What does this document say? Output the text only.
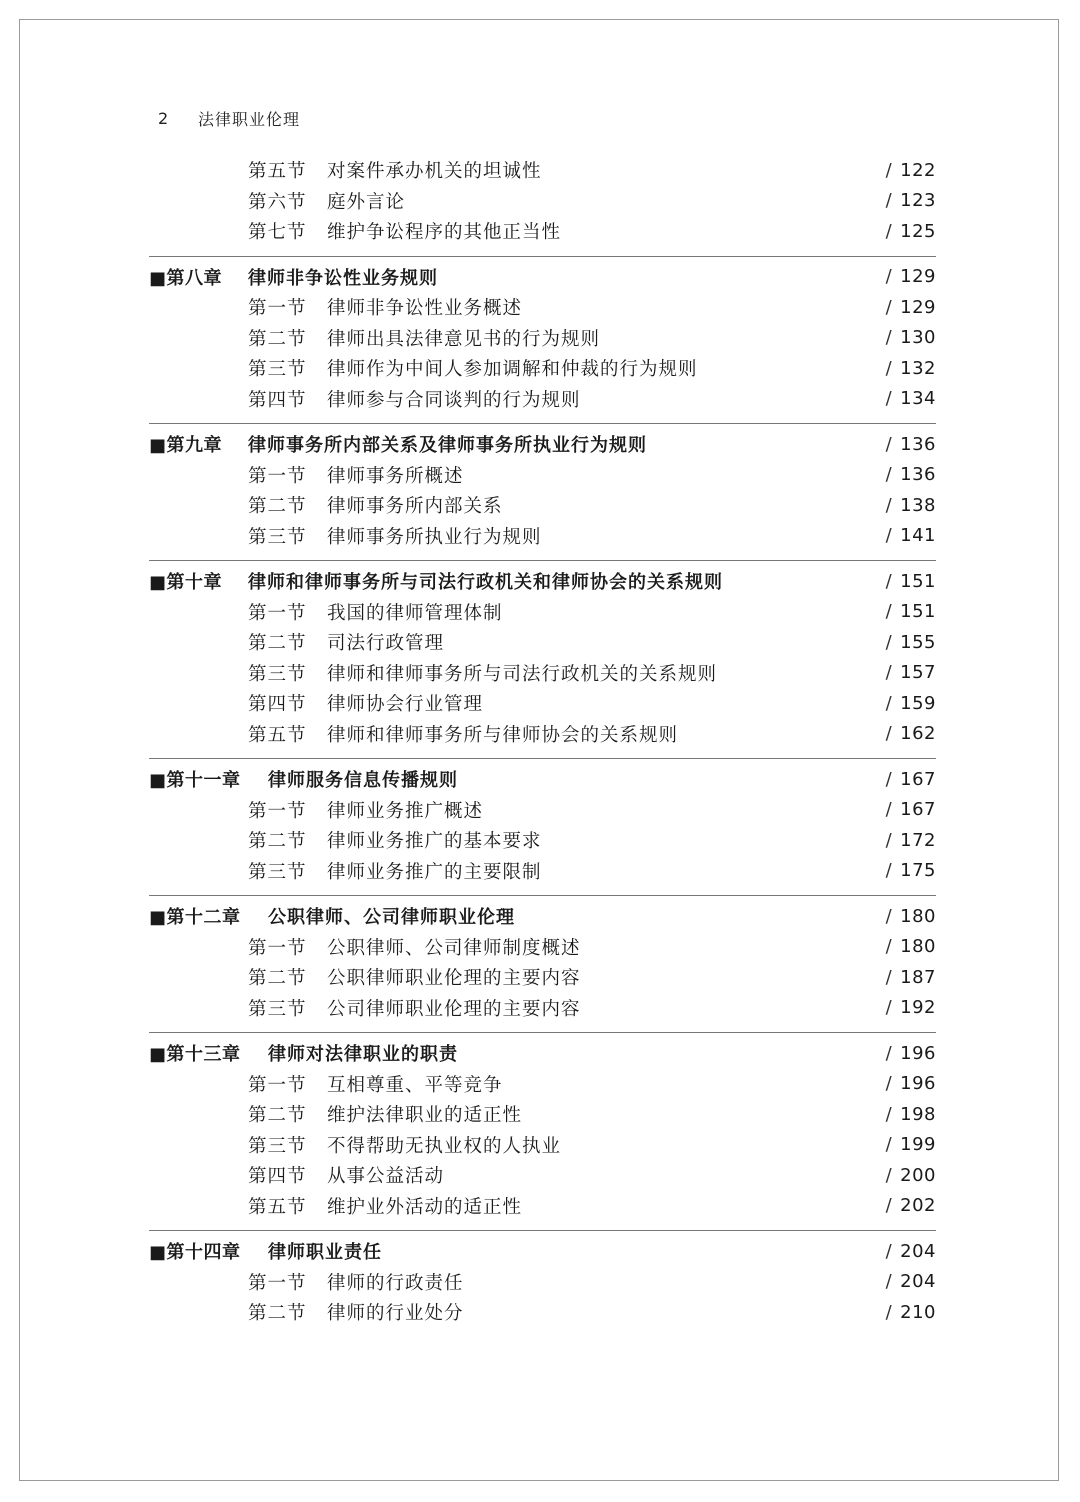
2	法律职业伦理
第五节 对案件承办机关的坦诚性	/ 122
第六节 庭外言论	/ 123
第七节 维护争讼程序的其他正当性	/ 125
■第八章 律师非争讼性业务规则	/ 129
第一节 律师非争讼性业务概述	/ 129
第二节 律师出具法律意见书的行为规则	/ 130
第三节 律师作为中间人参加调解和仲裁的行为规则	/ 132
第四节 律师参与合同谈判的行为规则	/ 134
■第九章 律师事务所内部关系及律师事务所执业行为规则	/ 136
第一节 律师事务所概述	/ 136
第二节 律师事务所内部关系	/ 138
第三节 律师事务所执业行为规则	/ 141
■第十章 律师和律师事务所与司法行政机关和律师协会的关系规则	/ 151
第一节 我国的律师管理体制	/ 151
第二节 司法行政管理	/ 155
第三节 律师和律师事务所与司法行政机关的关系规则	/ 157
第四节 律师协会行业管理	/ 159
第五节 律师和律师事务所与律师协会的关系规则	/ 162
■第十一章 律师服务信息传播规则	/ 167
第一节 律师业务推广概述	/ 167
第二节 律师业务推广的基本要求	/ 172
第三节 律师业务推广的主要限制	/ 175
■第十二章 公职律师、公司律师职业伦理	/ 180
第一节 公职律师、公司律师制度概述	/ 180
第二节 公职律师职业伦理的主要内容	/ 187
第三节 公司律师职业伦理的主要内容	/ 192
■第十三章 律师对法律职业的职责	/ 196
第一节 互相尊重、平等竞争	/ 196
第二节 维护法律职业的适正性	/ 198
第三节 不得帮助无执业权的人执业	/ 199
第四节 从事公益活动	/ 200
第五节 维护业外活动的适正性	/ 202
■第十四章 律师职业责任	/ 204
第一节 律师的行政责任	/ 204
第二节 律师的行业处分	/ 210
